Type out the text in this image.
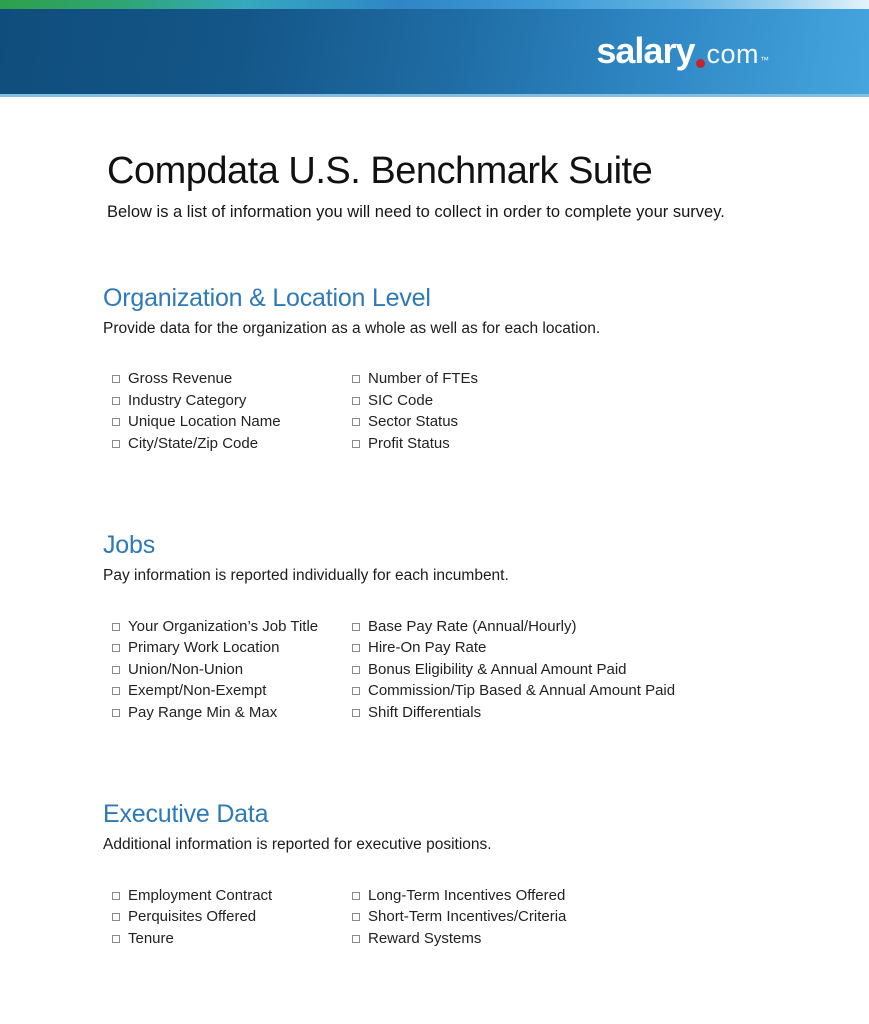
salary com ™
Compdata U.S. Benchmark Suite
Below is a list of information you will need to collect in order to complete your survey.
Organization & Location Level
Provide data for the organization as a whole as well as for each location.
Gross Revenue
Industry Category
Unique Location Name
City/State/Zip Code
Number of FTEs
SIC Code
Sector Status
Profit Status
Jobs
Pay information is reported individually for each incumbent.
Your Organization’s Job Title
Primary Work Location
Union/Non-Union
Exempt/Non-Exempt
Pay Range Min & Max
Base Pay Rate (Annual/Hourly)
Hire-On Pay Rate
Bonus Eligibility & Annual Amount Paid
Commission/Tip Based & Annual Amount Paid
Shift Differentials
Executive Data
Additional information is reported for executive positions.
Employment Contract
Perquisites Offered
Tenure
Long-Term Incentives Offered
Short-Term Incentives/Criteria
Reward Systems
